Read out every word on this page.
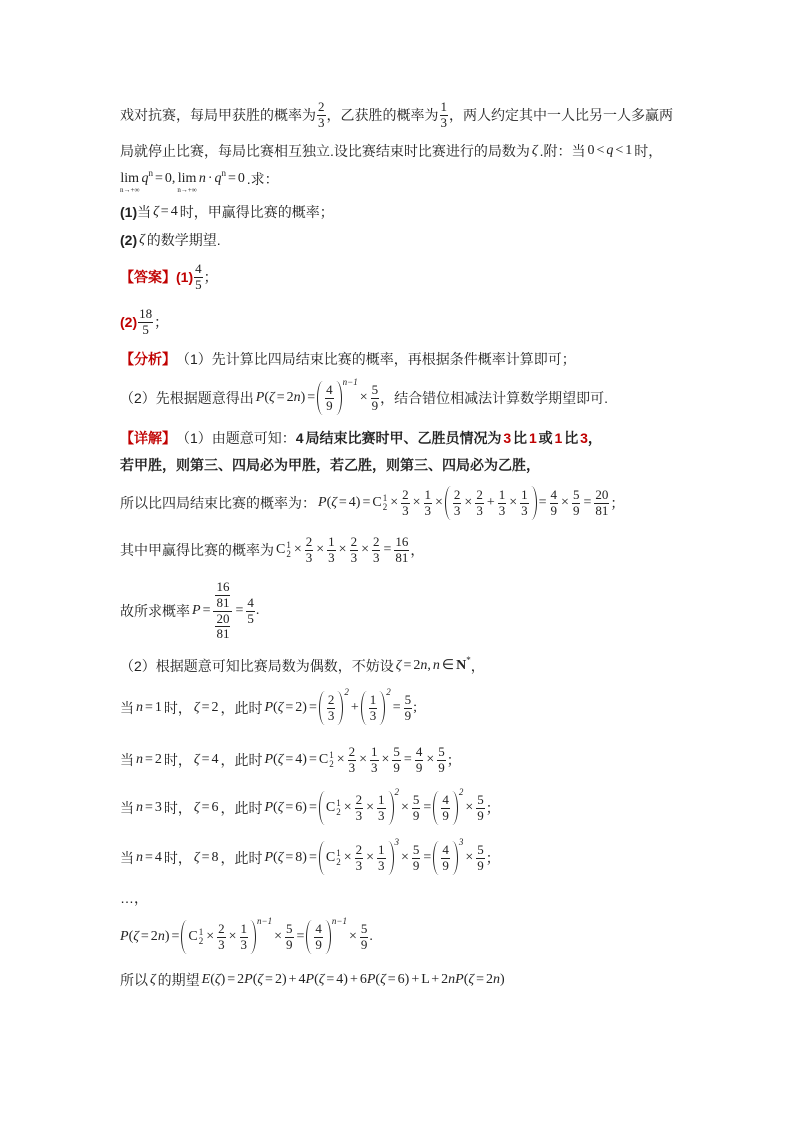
戏对抗赛，每局甲获胜的概率为 $\frac{2}{3}$ ，乙获胜的概率为 $\frac{1}{3}$ ，两人约定其中一人比另一人多赢两
局就停止比赛，每局比赛相互独立.设比赛结束时比赛进行的局数为 ζ .附：当 0 < q < 1 时，
lim
n→+∞
q n = 0, lim
n→+∞
n · q n = 0 .求：
(1) 当 ζ = 4 时，甲赢得比赛的概率；
(2) ζ 的数学期望.
【答案】 $(1) \frac{4}{5}$ ；
$(2) \frac{18}{5}$ ；
【分析】 （1）先计算比四局结束比赛的概率，再根据条件概率计算即可；
（2）先根据题意得出 P ( ζ = 2 n ) = $\frac{4}{9}$
n−1
× $\frac{5}{9}$ ，结合错位相减法计算数学期望即可.
【详解】 （1）由题意可知： 4 局结束比赛时甲、乙胜员情况为 3 比 1 或 1 比 3 ，
若甲胜，则第三、四局必为甲胜，若乙胜，则第三、四局必为乙胜，
所以比四局结束比赛的概率为： P ( ζ = 4) = C 1
$2 \times \frac{2}{3} \times \frac{1}{3} \times \frac{2}{3} \times \frac{2}{3} + \frac{1}{3} \times \frac{1}{3} = \frac{4}{9} \times \frac{5}{9} = \frac{20}{81}$ ；
其中甲赢得比赛的概率为 C 1
$2 \times \frac{2}{3} \times \frac{1}{3} \times \frac{2}{3} \times \frac{2}{3} = \frac{16}{81}$ ，
故所求概率 $P = \frac{\frac{16}{81}}{\frac{20}{81}} = \frac{4}{5}$ .
（2）根据题意可知比赛局数为偶数，不妨设 ζ = 2 n , n ∈ N * ，
当 n = 1 时， ζ = 2 ，此时 P ( $\zeta = 2) = \frac{2}{3}$
2
+ $\frac{1}{3}$
2
= $\frac{5}{9}$ ;
当 n = 2 时， ζ = 4 ，此时 P ( ζ = 4) = C 1
$2 \times \frac{2}{3} \times \frac{1}{3} \times \frac{5}{9} = \frac{4}{9} \times \frac{5}{9}$ ；
当 n = 3 时， ζ = 6 ，此时 P ( ζ = 6) = C 1
$2 \times \frac{2}{3} \times \frac{1}{3}$
2
× $\frac{5}{9} = \frac{4}{9}$
2
× $\frac{5}{9}$ ；
当 n = 4 时， ζ = 8 ，此时 P ( ζ = 8) = C 1
$2 \times \frac{2}{3} \times \frac{1}{3}$
3
× $\frac{5}{9} = \frac{4}{9}$
3
× $\frac{5}{9}$ ；
…，
P ( ζ = 2 n ) = C 1
$2 \times \frac{2}{3} \times \frac{1}{3}$
n−1
× $\frac{5}{9} = \frac{4}{9}$
n−1
× $\frac{5}{9}$ .
所以 ζ 的期望 E ( ζ ) = 2 P ( ζ = 2) + 4 P ( ζ = 4) + 6 P ( ζ = 6) + L + 2 nP ( ζ = 2 n )
